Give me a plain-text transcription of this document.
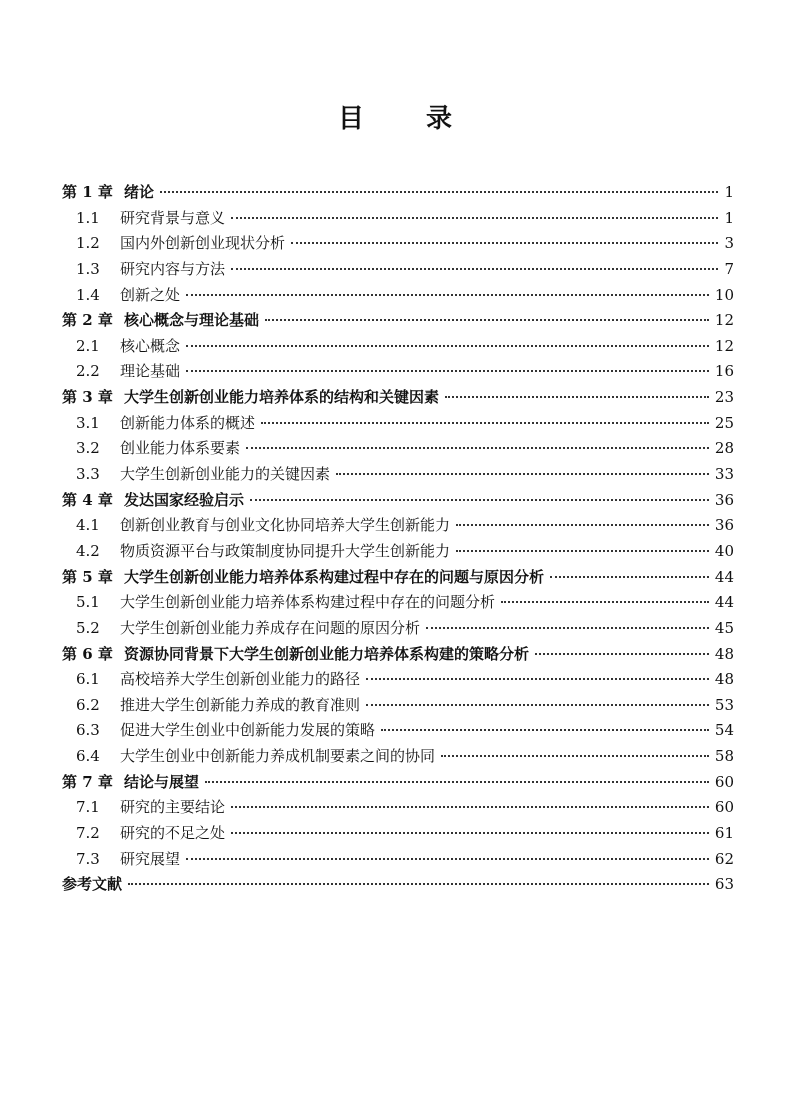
目 录
第 1 章 绪论	1
1.1	研究背景与意义	1
1.2	国内外创新创业现状分析	3
1.3	研究内容与方法	7
1.4	创新之处	10
第 2 章 核心概念与理论基础	12
2.1	核心概念	12
2.2	理论基础	16
第 3 章 大学生创新创业能力培养体系的结构和关键因素	23
3.1	创新能力体系的概述	25
3.2	创业能力体系要素	28
3.3	大学生创新创业能力的关键因素	33
第 4 章 发达国家经验启示	36
4.1	创新创业教育与创业文化协同培养大学生创新能力	36
4.2	物质资源平台与政策制度协同提升大学生创新能力	40
第 5 章 大学生创新创业能力培养体系构建过程中存在的问题与原因分析	44
5.1	大学生创新创业能力培养体系构建过程中存在的问题分析	44
5.2	大学生创新创业能力养成存在问题的原因分析	45
第 6 章 资源协同背景下大学生创新创业能力培养体系构建的策略分析	48
6.1	高校培养大学生创新创业能力的路径	48
6.2	推进大学生创新能力养成的教育准则	53
6.3	促进大学生创业中创新能力发展的策略	54
6.4	大学生创业中创新能力养成机制要素之间的协同	58
第 7 章 结论与展望	60
7.1	研究的主要结论	60
7.2	研究的不足之处	61
7.3	研究展望	62
参考文献	63
